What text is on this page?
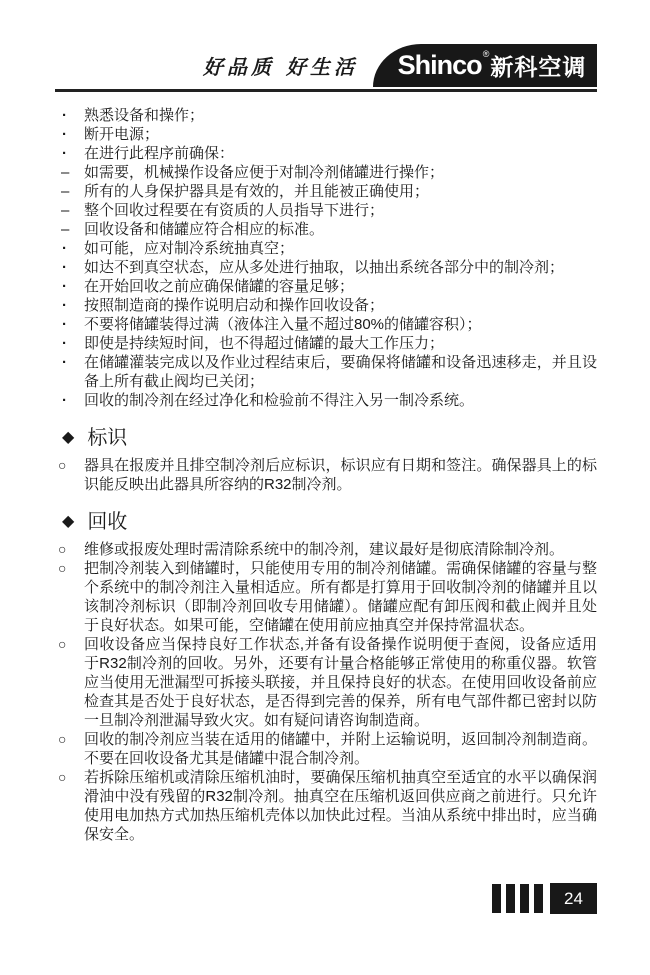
好品质 好生活 Shinco ® 新科空调
·	熟悉设备和操作；
·	断开电源；
·	在进行此程序前确保：
– 如需要，机械操作设备应便于对制冷剂储罐进行操作；
– 所有的人身保护器具是有效的，并且能被正确使用；
– 整个回收过程要在有资质的人员指导下进行；
– 回收设备和储罐应符合相应的标准。
·	如可能，应对制冷系统抽真空；
·	如达不到真空状态，应从多处进行抽取，以抽出系统各部分中的制冷剂；
·	在开始回收之前应确保储罐的容量足够；
·	按照制造商的操作说明启动和操作回收设备；
·	不要将储罐装得过满（液体注入量不超过80%的储罐容积）；
·	即使是持续短时间，也不得超过储罐的最大工作压力；
·	在储罐灌装完成以及作业过程结束后，要确保将储罐和设备迅速移走，并且设备上所有截止阀均已关闭；
·	回收的制冷剂在经过净化和检验前不得注入另一制冷系统。
◆ 标识

○ 器具在报废并且排空制冷剂后应标识，标识应有日期和签注。确保器具上的标识能反映出此器具所容纳的R32制冷剂。

◆ 回收

○ 维修或报废处理时需清除系统中的制冷剂，建议最好是彻底清除制冷剂。

○ 把制冷剂装入到储罐时，只能使用专用的制冷剂储罐。需确保储罐的容量与整个系统中的制冷剂注入量相适应。所有都是打算用于回收制冷剂的储罐并且以该制冷剂标识（即制冷剂回收专用储罐）。储罐应配有卸压阀和截止阀并且处于良好状态。如果可能，空储罐在使用前应抽真空并保持常温状态。

○ 回收设备应当保持良好工作状态,并备有设备操作说明便于查阅，设备应适用于R32制冷剂的回收。另外，还要有计量合格能够正常使用的称重仪器。软管应当使用无泄漏型可拆接头联接，并且保持良好的状态。在使用回收设备前应检查其是否处于良好状态，是否得到完善的保养，所有电气部件都已密封以防一旦制冷剂泄漏导致火灾。如有疑问请咨询制造商。

○ 回收的制冷剂应当装在适用的储罐中，并附上运输说明，返回制冷剂制造商。不要在回收设备尤其是储罐中混合制冷剂。

○ 若拆除压缩机或清除压缩机油时，要确保压缩机抽真空至适宜的水平以确保润滑油中没有残留的R32制冷剂。抽真空在压缩机返回供应商之前进行。只允许使用电加热方式加热压缩机壳体以加快此过程。当油从系统中排出时，应当确保安全。

24
